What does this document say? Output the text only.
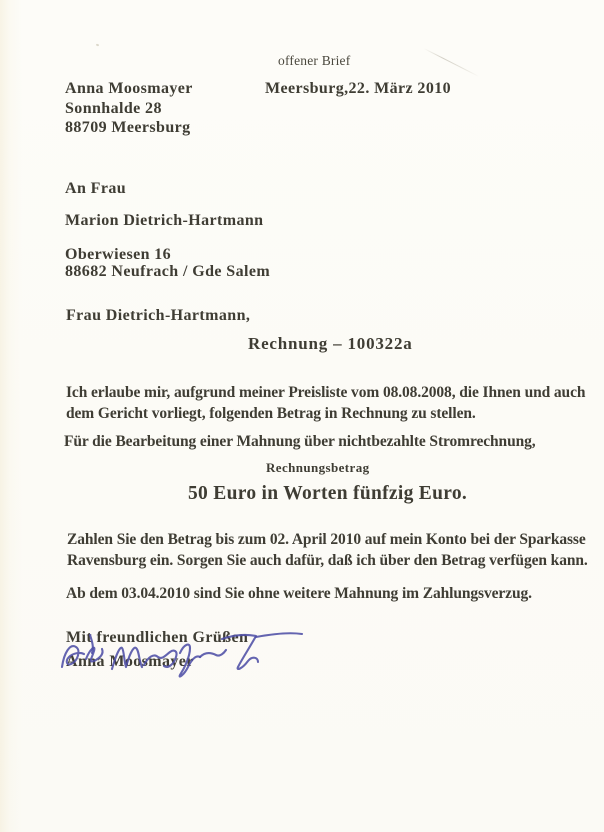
offener Brief
Meersburg,22. März 2010
Anna Moosmayer
Sonnhalde 28
88709 Meersburg
An Frau
Marion Dietrich-Hartmann
Oberwiesen 16
88682 Neufrach / Gde Salem
Frau Dietrich-Hartmann,
Rechnung – 100322a
Ich erlaube mir, aufgrund meiner Preisliste vom 08.08.2008, die Ihnen und auch
dem Gericht vorliegt, folgenden Betrag in Rechnung zu stellen.
Für die Bearbeitung einer Mahnung über nichtbezahlte Stromrechnung,
Rechnungsbetrag
50 Euro in Worten fünfzig Euro.
Zahlen Sie den Betrag bis zum 02. April 2010 auf mein Konto bei der Sparkasse
Ravensburg ein. Sorgen Sie auch dafür, daß ich über den Betrag verfügen kann.
Ab dem 03.04.2010 sind Sie ohne weitere Mahnung im Zahlungsverzug.
Mit freundlichen Grüßen
Anna Moosmayer
